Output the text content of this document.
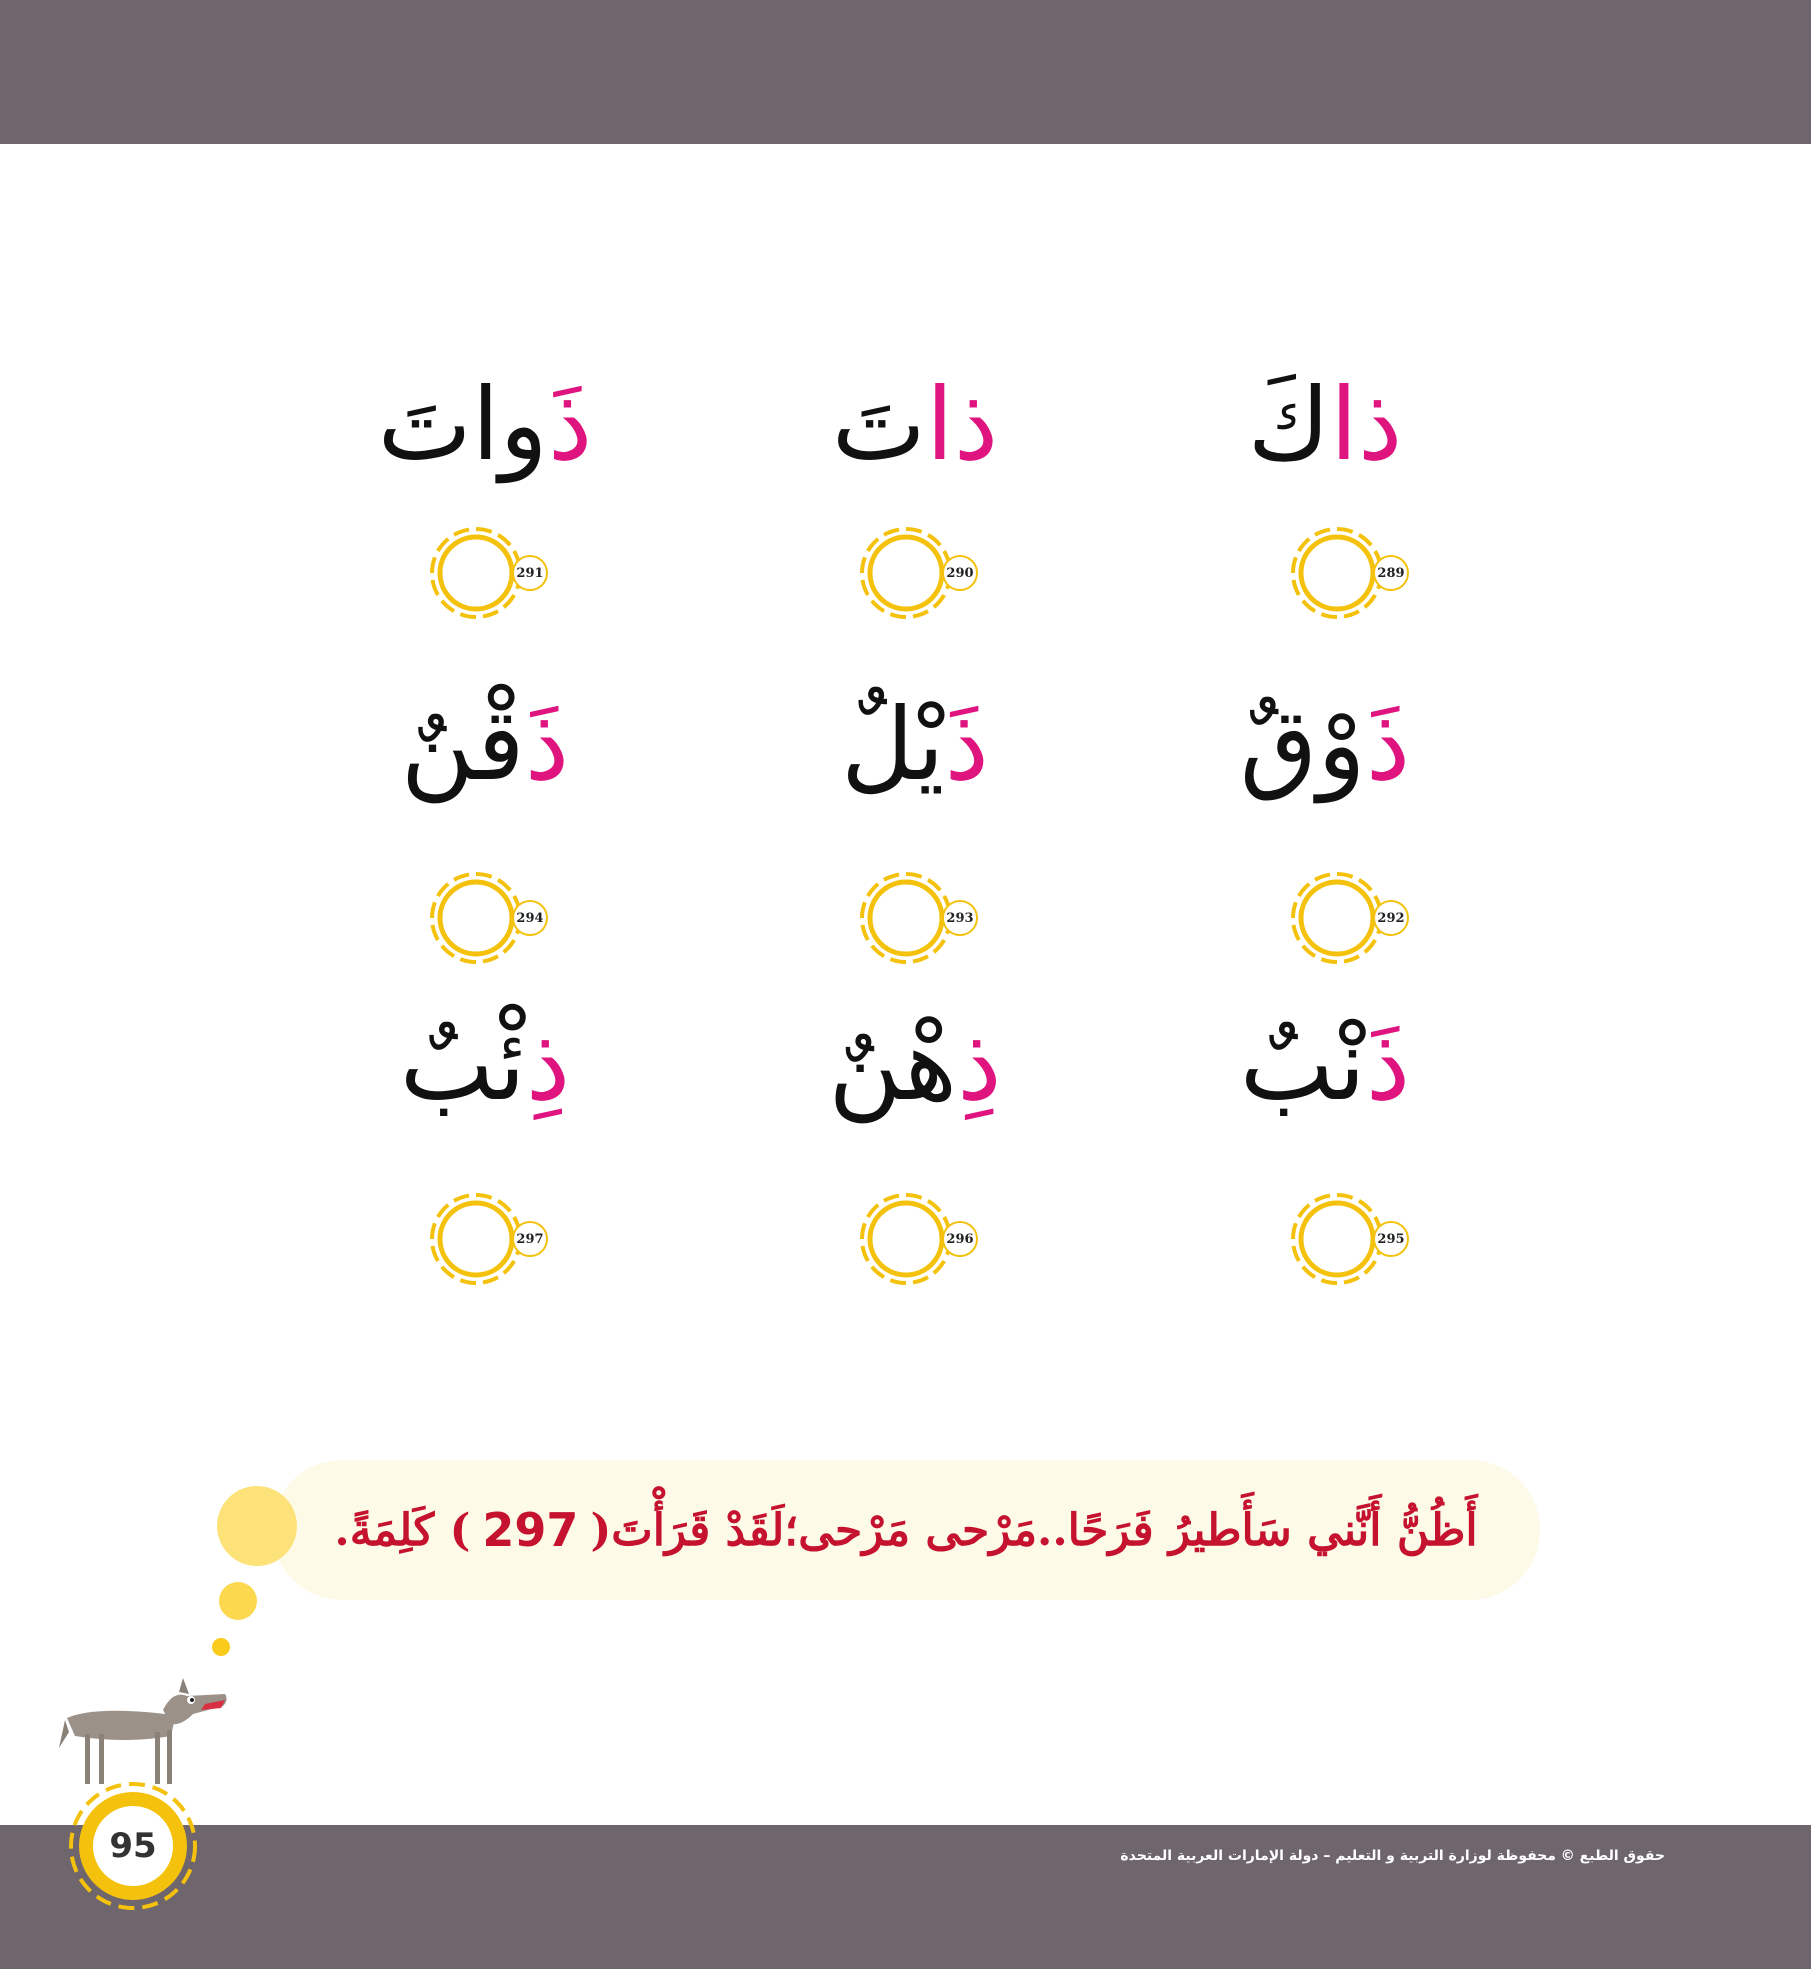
ذا
كَ
ذا
تَ
ذَ
واتَ
ذَ
وْقٌ
ذَ
يْلٌ
ذَ
قْنٌ
ذَ
نْبٌ
ذِ
هْنٌ
ذِ
ئْبٌ
289
290
291
292
293
294
295
296
297
أَظُنُّ أَنَّني سَأَطيرُ فَرَحًا..مَرْحى مَرْحى؛لَقَدْ قَرَأْتَ(
297
) كَلِمَةً.
حقوق الطبع © محفوظة لوزارة التربية و التعليم – دولة الإمارات العربية المتحدة
95
